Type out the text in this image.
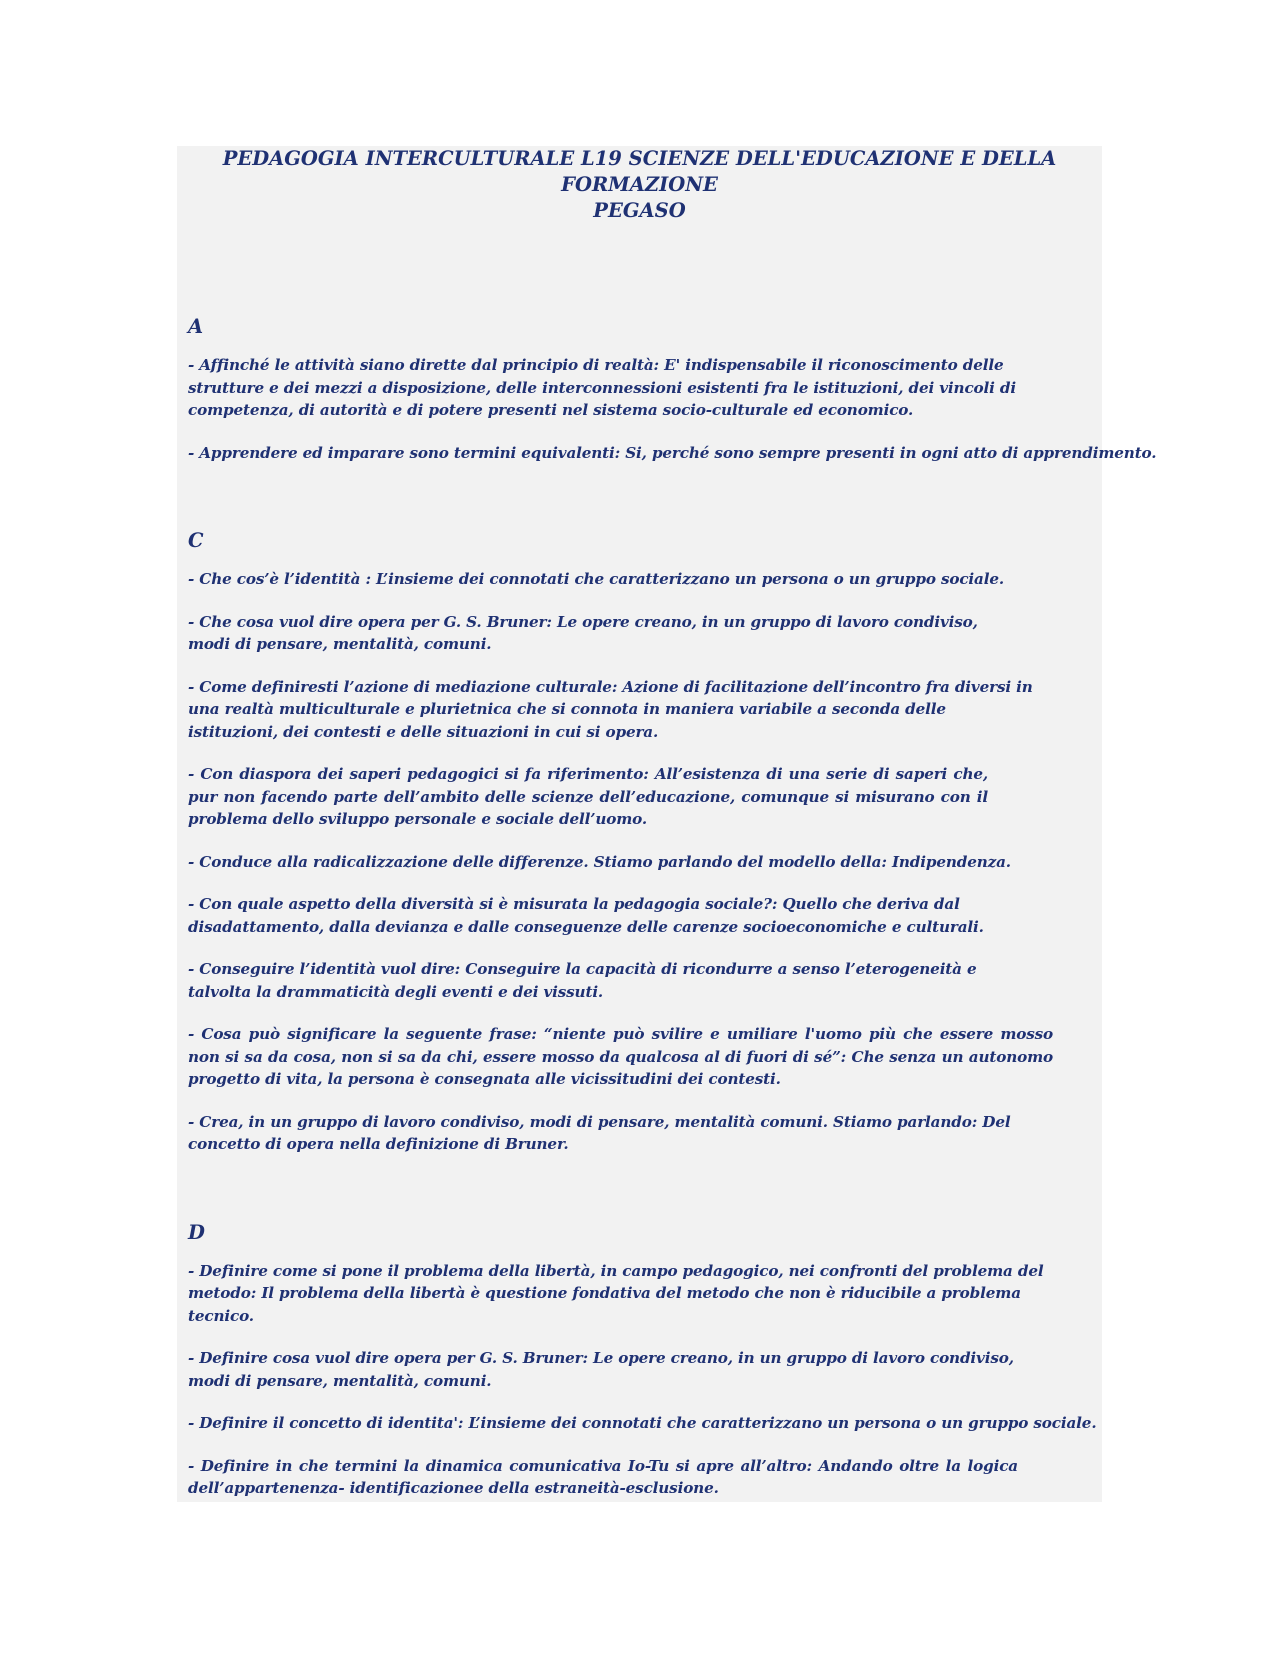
PEDAGOGIA INTERCULTURALE L19 SCIENZE DELL'EDUCAZIONE E DELLA FORMAZIONE
PEGASO
A
- Affinché le attività siano dirette dal principio di realtà: E' indispensabile il riconoscimento delle strutture e dei mezzi a disposizione, delle interconnessioni esistenti fra le istituzioni, dei vincoli di competenza, di autorità e di potere presenti nel sistema socio-culturale ed economico.
- Apprendere ed imparare sono termini equivalenti: Si, perché sono sempre presenti in ogni atto di apprendimento.
C
- Che cos’è l’identità : L’insieme dei connotati che caratterizzano un persona o un gruppo sociale.
- Che cosa vuol dire opera per G. S. Bruner: Le opere creano, in un gruppo di lavoro condiviso, modi di pensare, mentalità, comuni.
- Come definiresti l’azione di mediazione culturale: Azione di facilitazione dell’incontro fra diversi in una realtà multiculturale e plurietnica che si connota in maniera variabile a seconda delle istituzioni, dei contesti e delle situazioni in cui si opera.
- Con diaspora dei saperi pedagogici si fa riferimento: All’esistenza di una serie di saperi che, pur non facendo parte dell’ambito delle scienze dell’educazione, comunque si misurano con il problema dello sviluppo personale e sociale dell’uomo.
- Conduce alla radicalizzazione delle differenze. Stiamo parlando del modello della: Indipendenza.
- Con quale aspetto della diversità si è misurata la pedagogia sociale?: Quello che deriva dal disadattamento, dalla devianza e dalle conseguenze delle carenze socioeconomiche e culturali.
- Conseguire l’identità vuol dire: Conseguire la capacità di ricondurre a senso l’eterogeneità e talvolta la drammaticità degli eventi e dei vissuti.
- Cosa può significare la seguente frase: “niente può svilire e umiliare l'uomo più che essere mosso non si sa da cosa, non si sa da chi, essere mosso da qualcosa al di fuori di sé”: Che senza un autonomo progetto di vita, la persona è consegnata alle vicissitudini dei contesti.
- Crea, in un gruppo di lavoro condiviso, modi di pensare, mentalità comuni. Stiamo parlando: Del concetto di opera nella definizione di Bruner.
D
- Definire come si pone il problema della libertà, in campo pedagogico, nei confronti del problema del metodo: Il problema della libertà è questione fondativa del metodo che non è riducibile a problema tecnico.
- Definire cosa vuol dire opera per G. S. Bruner: Le opere creano, in un gruppo di lavoro condiviso, modi di pensare, mentalità, comuni.
- Definire il concetto di identita': L’insieme dei connotati che caratterizzano un persona o un gruppo sociale.
- Definire in che termini la dinamica comunicativa Io-Tu si apre all’altro: Andando oltre la logica dell’appartenenza- identificazionee della estraneità-esclusione.
